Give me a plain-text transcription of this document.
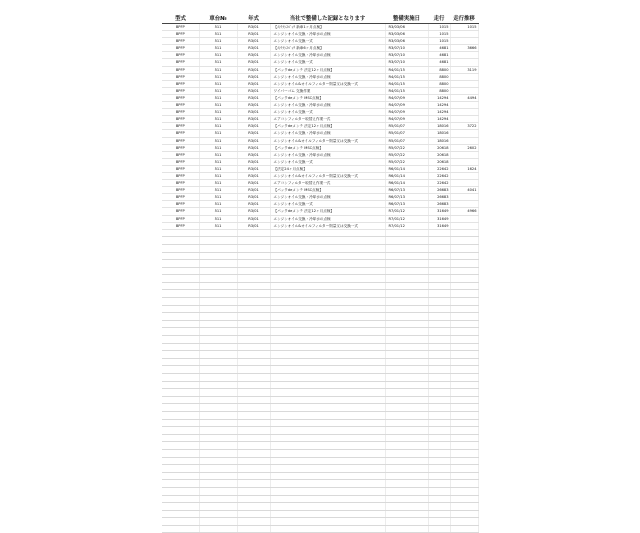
型式	車台№	年式	当社で整備した記録となります	整備実施日	走行	走行推移
BPFP	511	R3/01	【ﾒﾝﾃﾅﾝｽﾊﾟｯｸ 新車1ヶ月点検】	R3/03/06	1015	1015
BPFP	511	R3/01	エンジンオイル交換・冷却水の点検	R3/03/06	1015	
BPFP	511	R3/01	エンジンオイル交換一式	R3/03/06	1015	
BPFP	511	R3/01	【ﾒﾝﾃﾅﾝｽﾊﾟｯｸ 新車6ヶ月点検】	R3/07/10	4681	3666
BPFP	511	R3/01	エンジンオイル交換・冷却水の点検	R3/07/10	4681	
BPFP	511	R3/01	エンジンオイル交換一式	R3/07/10	4681	
BPFP	511	R3/01	【パックdeメンテ 法定12ヶ月点検】	R4/01/15	8800	3119
BPFP	511	R3/01	エンジンオイル交換・冷却水の点検	R4/01/15	8800	
BPFP	511	R3/01	エンジンオイル&オイルフィルター則量又は交換一式	R4/01/15	8800	
BPFP	511	R3/01	ワイパーゴム 交換作業	R4/01/15	8800	
BPFP	511	R3/01	【パックdeメンテ MSC点検】	R4/07/09	14294	4494
BPFP	511	R3/01	エンジンオイル交換・冷却水の点検	R4/07/09	14294	
BPFP	511	R3/01	エンジンオイル交換一式	R4/07/09	14294	
BPFP	511	R3/01	エアコンフィルター取替え作業一式	R4/07/09	14294	
BPFP	511	R3/01	【パックdeメンテ 法定12ヶ月点検】	R5/01/07	18016	3722
BPFP	511	R3/01	エンジンオイル交換・冷却水の点検	R5/01/07	18016	
BPFP	511	R3/01	エンジンオイル&オイルフィルター則量又は交換一式	R5/01/07	18016	
BPFP	511	R3/01	【パックdeメンテ MSC点検】	R5/07/22	20618	2602
BPFP	511	R3/01	エンジンオイル交換・冷却水の点検	R5/07/22	20618	
BPFP	511	R3/01	エンジンオイル交換一式	R5/07/22	20618	
BPFP	511	R3/01	【法定24ヶ月点検】	R6/01/14	22642	1624
BPFP	511	R3/01	エンジンオイル&オイルフィルター則量又は交換一式	R6/01/14	22642	
BPFP	511	R3/01	エアコンフィルター取替え作業一式	R6/01/14	22642	
BPFP	511	R3/01	【パックdeメンテ MSC点検】	R6/07/13	26683	4041
BPFP	511	R3/01	エンジンオイル交換・冷却水の点検	R6/07/13	26683	
BPFP	511	R3/01	エンジンオイル交換一式	R6/07/13	26683	
BPFP	511	R3/01	【パックdeメンテ 法定12ヶ月点検】	R7/01/12	31649	4966
BPFP	511	R3/01	エンジンオイル交換・冷却水の点検	R7/01/12	31649	
BPFP	511	R3/01	エンジンオイル&オイルフィルター則量又は交換一式	R7/01/12	31649	
